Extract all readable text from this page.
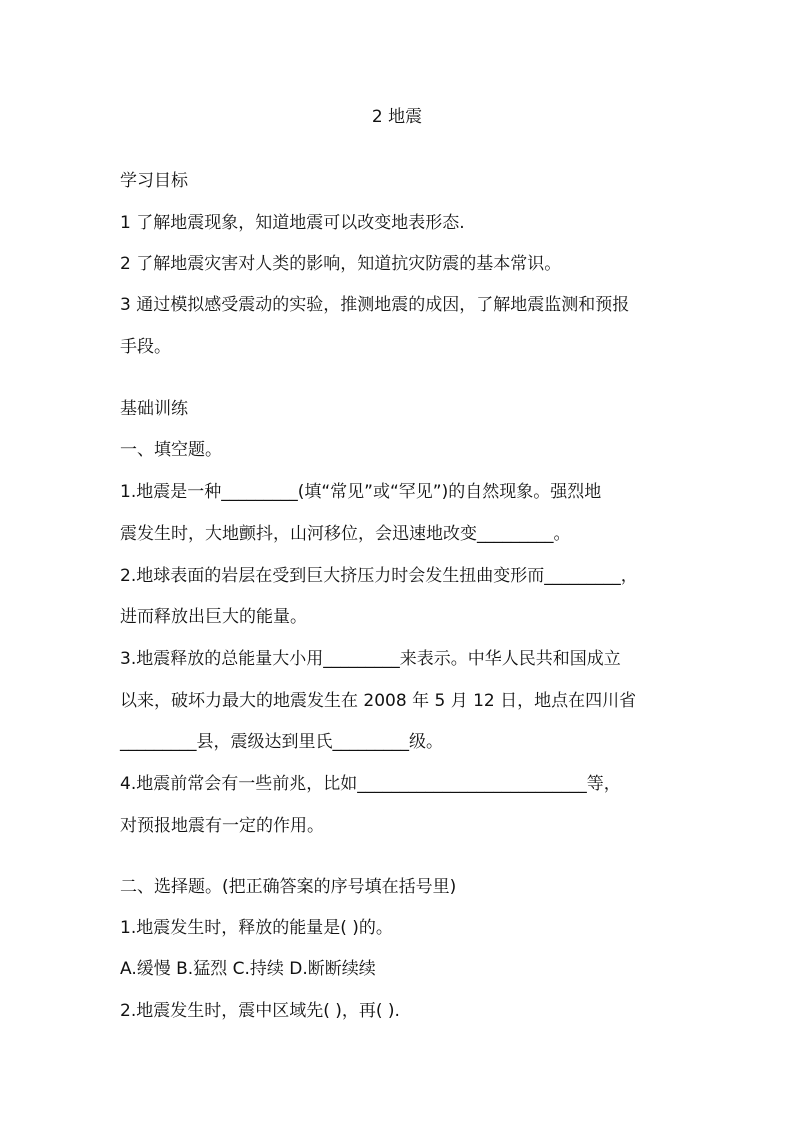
2 地震
学习目标
1 了解地震现象，知道地震可以改变地表形态.
2 了解地震灾害对人类的影响，知道抗灾防震的基本常识。
3 通过模拟感受震动的实验，推测地震的成因，了解地震监测和预报
手段。
基础训练
一、填空题。
1.地震是一种_________(填“常见”或“罕见”)的自然现象。强烈地
震发生时，大地颤抖，山河移位，会迅速地改变_________。
2.地球表面的岩层在受到巨大挤压力时会发生扭曲变形而_________，
进而释放出巨大的能量。
3.地震释放的总能量大小用_________来表示。中华人民共和国成立
以来，破坏力最大的地震发生在 2008 年 5 月 12 日，地点在四川省
_________县，震级达到里氏_________级。
4.地震前常会有一些前兆，比如___________________________等，
对预报地震有一定的作用。
二、选择题。(把正确答案的序号填在括号里)
1.地震发生时，释放的能量是( )的。
A.缓慢 B.猛烈 C.持续 D.断断续续
2.地震发生时，震中区域先( )，再( ).
